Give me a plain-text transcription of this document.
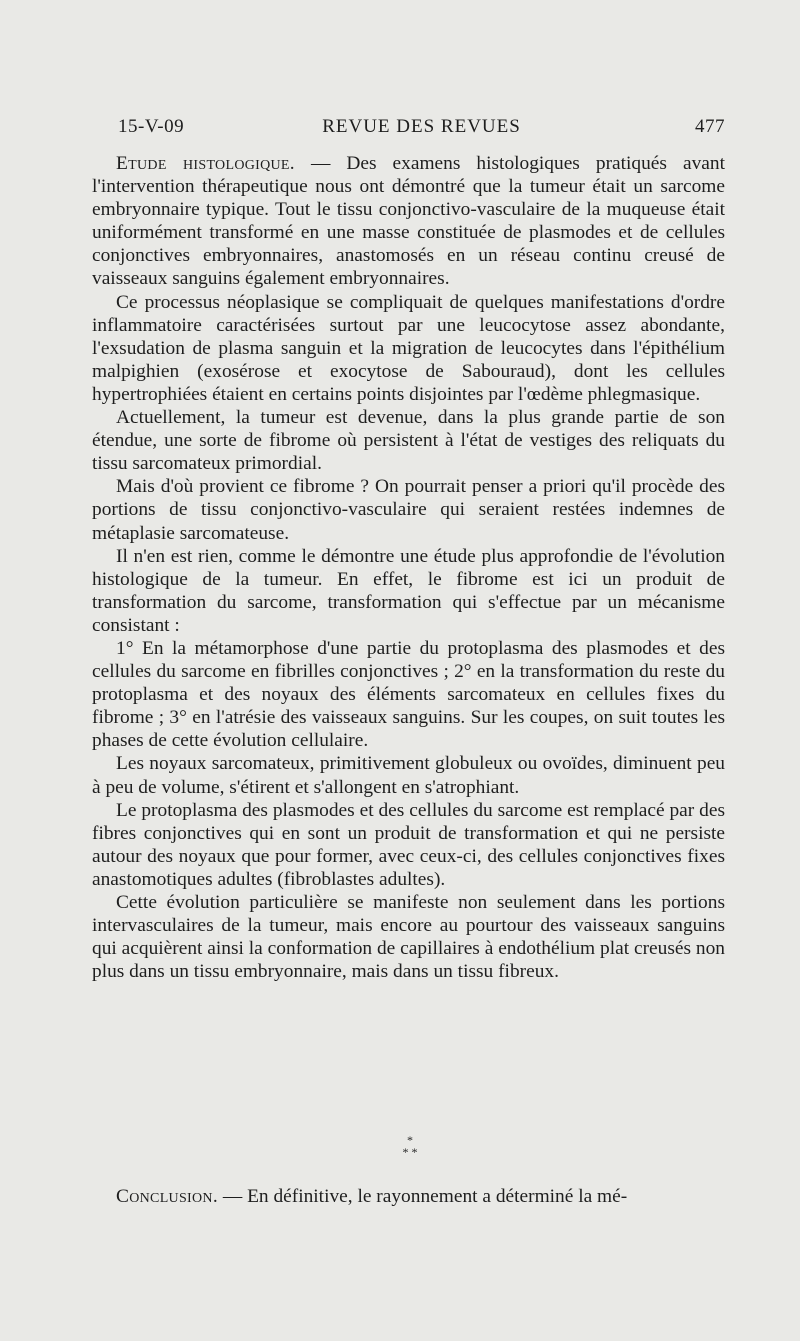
15-V-09	REVUE DES REVUES	477

Etude histologique. — Des examens histologiques pratiqués avant l'intervention thérapeutique nous ont démontré que la tumeur était un sarcome embryonnaire typique. Tout le tissu conjonctivo-vasculaire de la muqueuse était uniformément transformé en une masse constituée de plasmodes et de cellules conjonctives embryonnaires, anastomosés en un réseau continu creusé de vaisseaux sanguins également embryonnaires.

Ce processus néoplasique se compliquait de quelques manifestations d'ordre inflammatoire caractérisées surtout par une leucocytose assez abondante, l'exsudation de plasma sanguin et la migration de leucocytes dans l'épithélium malpighien (exosérose et exocytose de Sabouraud), dont les cellules hypertrophiées étaient en certains points disjointes par l'œdème phlegmasique.

Actuellement, la tumeur est devenue, dans la plus grande partie de son étendue, une sorte de fibrome où persistent à l'état de vestiges des reliquats du tissu sarcomateux primordial.

Mais d'où provient ce fibrome ? On pourrait penser a priori qu'il procède des portions de tissu conjonctivo-vasculaire qui seraient restées indemnes de métaplasie sarcomateuse.

Il n'en est rien, comme le démontre une étude plus approfondie de l'évolution histologique de la tumeur. En effet, le fibrome est ici un produit de transformation du sarcome, transformation qui s'effectue par un mécanisme consistant :

1° En la métamorphose d'une partie du protoplasma des plasmodes et des cellules du sarcome en fibrilles conjonctives ; 2° en la transformation du reste du protoplasma et des noyaux des éléments sarcomateux en cellules fixes du fibrome ; 3° en l'atrésie des vaisseaux sanguins. Sur les coupes, on suit toutes les phases de cette évolution cellulaire.

Les noyaux sarcomateux, primitivement globuleux ou ovoïdes, diminuent peu à peu de volume, s'étirent et s'allongent en s'atrophiant.

Le protoplasma des plasmodes et des cellules du sarcome est remplacé par des fibres conjonctives qui en sont un produit de transformation et qui ne persiste autour des noyaux que pour former, avec ceux-ci, des cellules conjonctives fixes anastomotiques adultes (fibroblastes adultes).

Cette évolution particulière se manifeste non seulement dans les portions intervasculaires de la tumeur, mais encore au pourtour des vaisseaux sanguins qui acquièrent ainsi la conformation de capillaires à endothélium plat creusés non plus dans un tissu embryonnaire, mais dans un tissu fibreux.

*
* *
Conclusion. — En définitive, le rayonnement a déterminé la mé-
